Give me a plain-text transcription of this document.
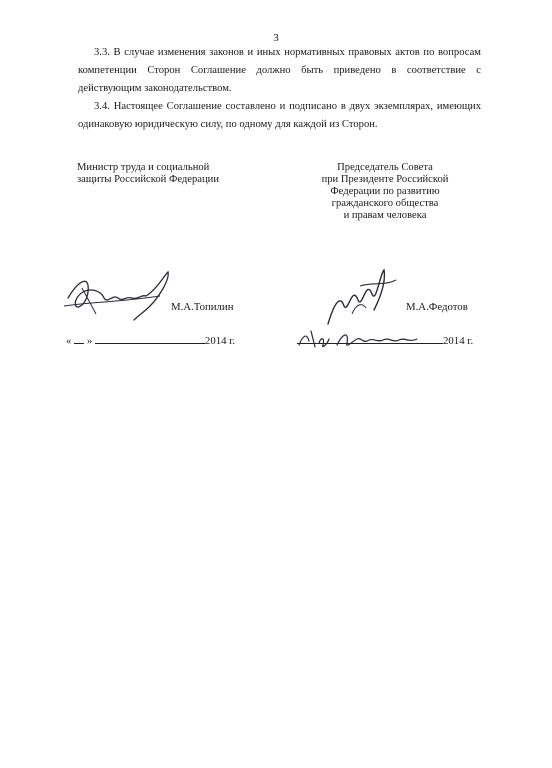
3

3.3. В случае изменения законов и иных нормативных правовых актов по вопросам компетенции Сторон Соглашение должно быть приведено в соответствие с действующим законодательством.

3.4. Настоящее Соглашение составлено и подписано в двух экземплярах, имеющих одинаковую юридическую силу, по одному для каждой из Сторон.

Министр труда и социальной
защиты Российской Федерации
Председатель Совета
при Президенте Российской
Федерации по развитию
гражданского общества
и правам человека
М.А.Топилин	М.А.Федотов
« »	2014 г.	2014 г.
